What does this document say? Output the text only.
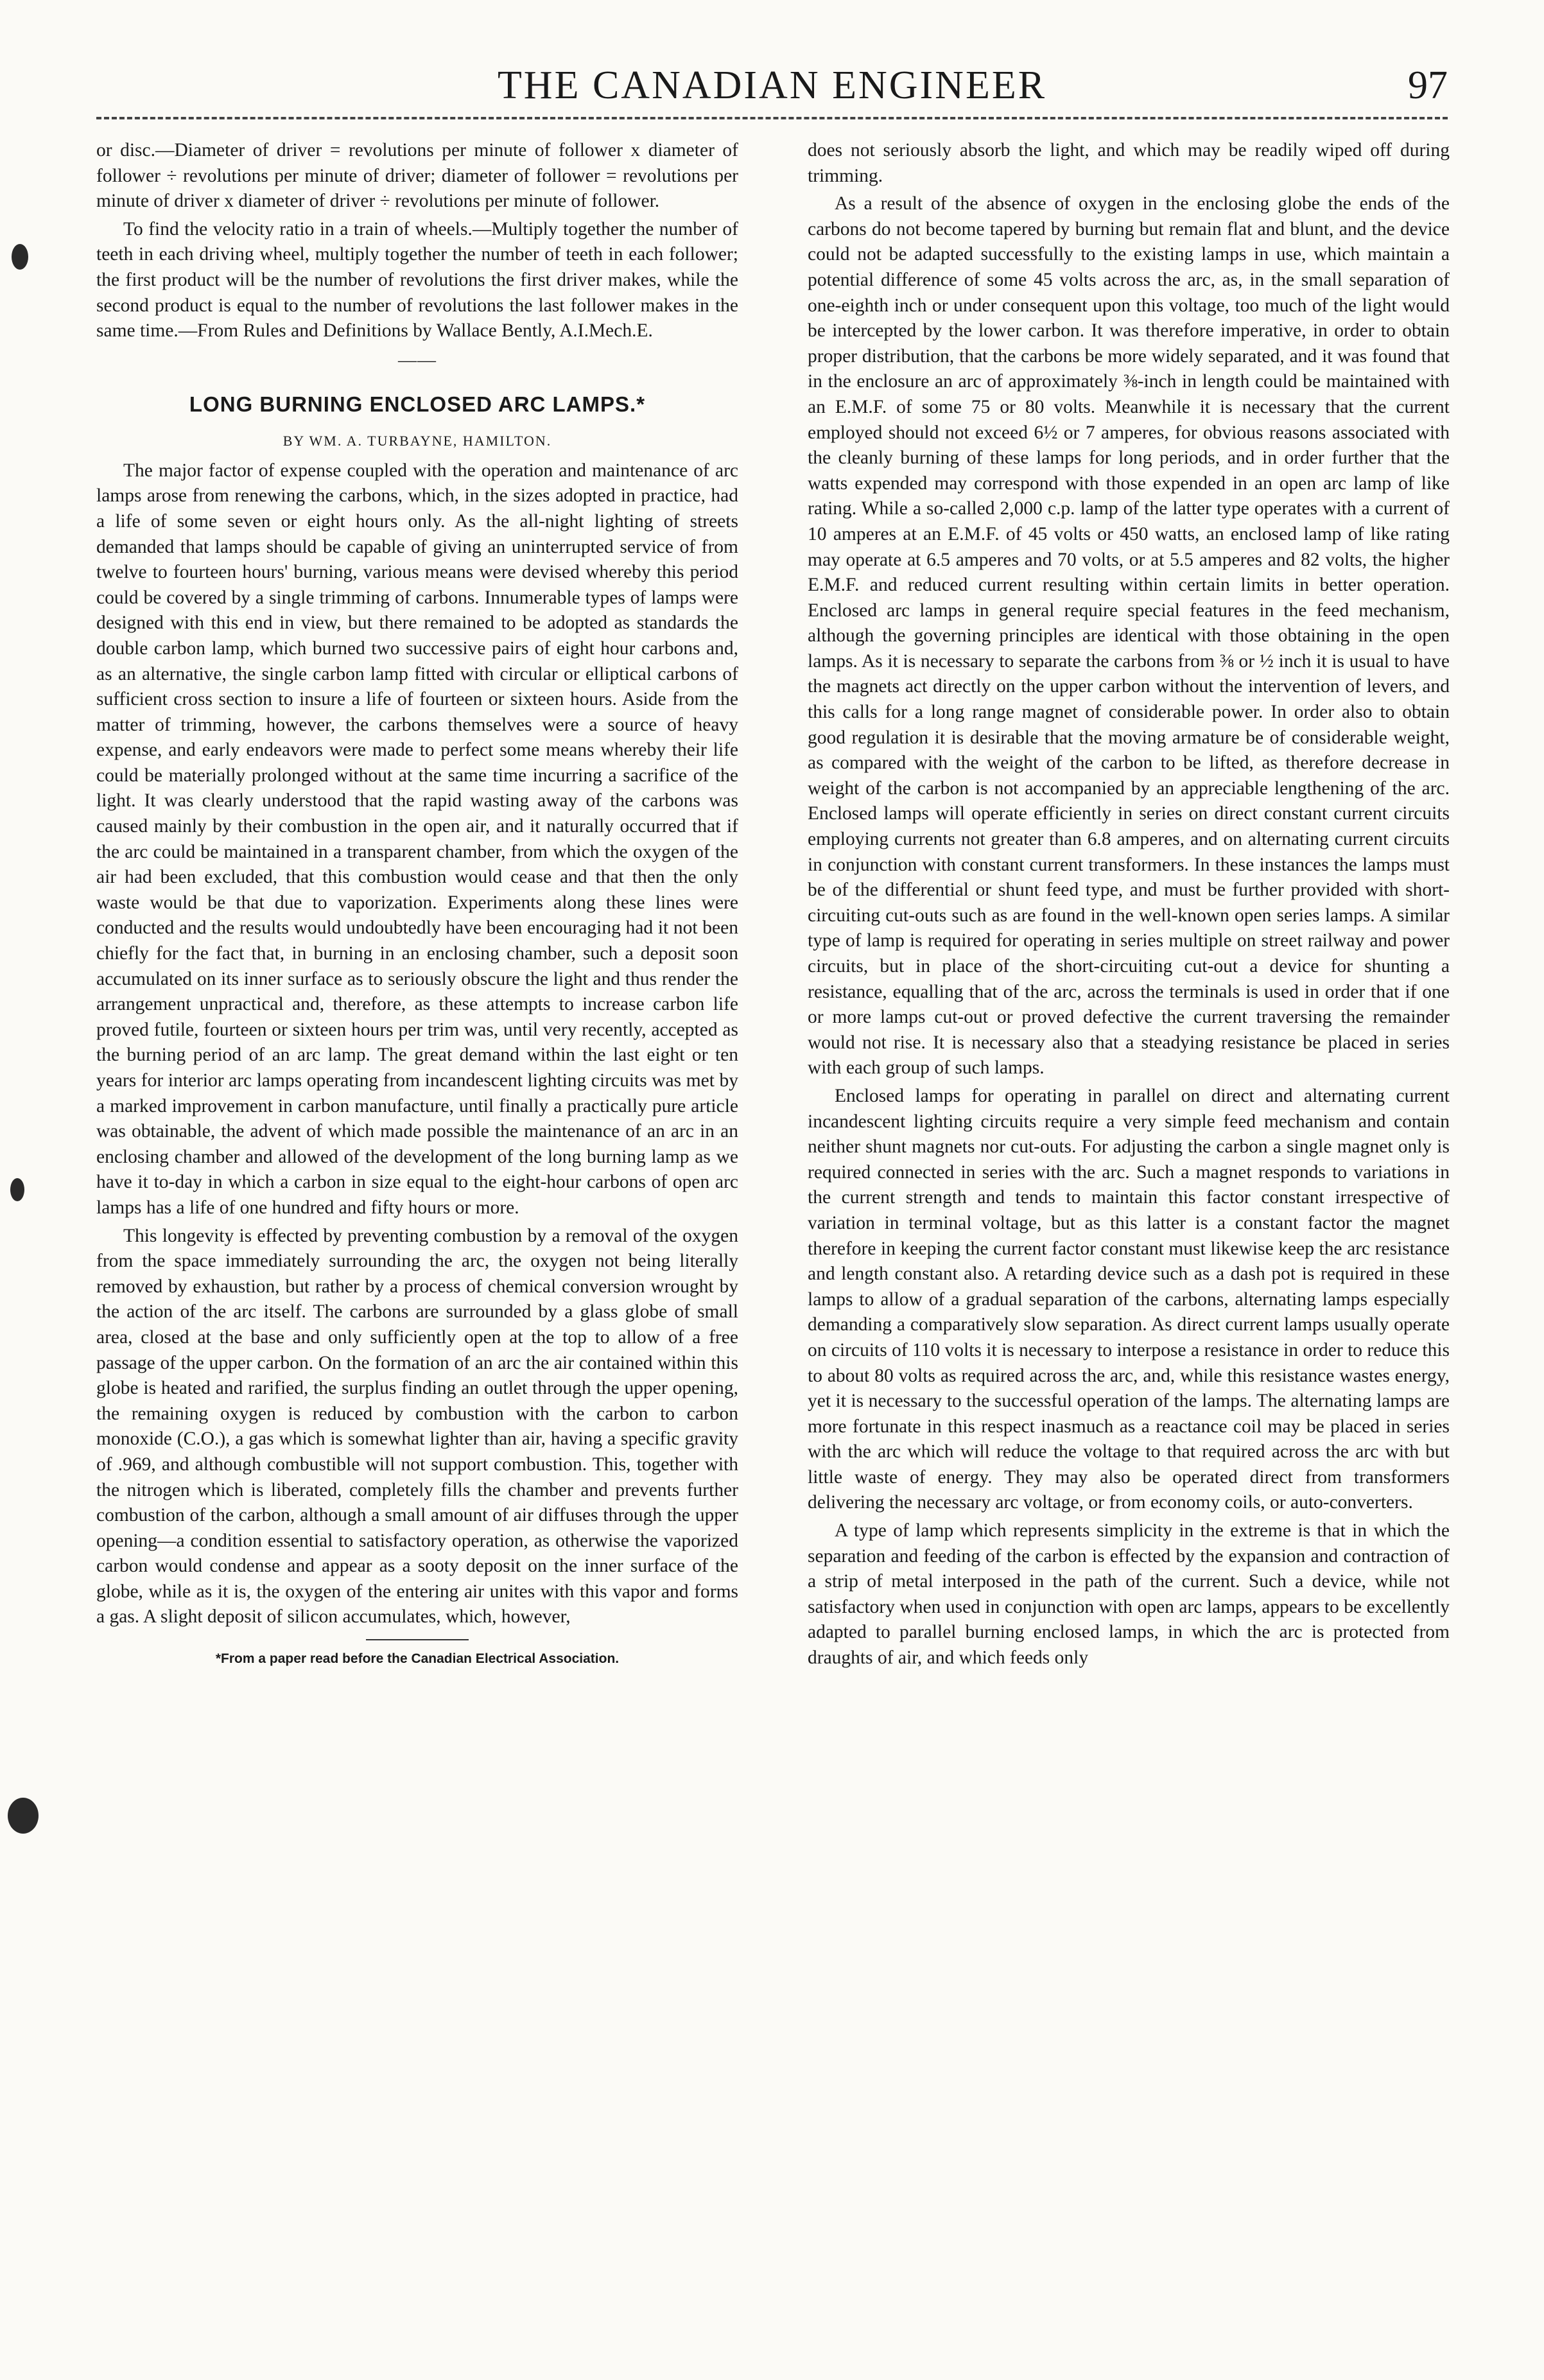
THE CANADIAN ENGINEER	97

or disc.—Diameter of driver = revolutions per minute of follower x diameter of follower ÷ revolutions per minute of driver; diameter of follower = revolutions per minute of driver x diameter of driver ÷ revolutions per minute of follower.

To find the velocity ratio in a train of wheels.—Multiply together the number of teeth in each driving wheel, multiply together the number of teeth in each follower; the first product will be the number of revolutions the first driver makes, while the second product is equal to the number of revolutions the last follower makes in the same time.—From Rules and Definitions by Wallace Bently, A.I.Mech.E.

——
LONG BURNING ENCLOSED ARC LAMPS.*
BY WM. A. TURBAYNE, HAMILTON.

The major factor of expense coupled with the operation and maintenance of arc lamps arose from renewing the carbons, which, in the sizes adopted in practice, had a life of some seven or eight hours only. As the all-night lighting of streets demanded that lamps should be capable of giving an uninterrupted service of from twelve to fourteen hours' burning, various means were devised whereby this period could be covered by a single trimming of carbons. Innumerable types of lamps were designed with this end in view, but there remained to be adopted as standards the double carbon lamp, which burned two successive pairs of eight hour carbons and, as an alternative, the single carbon lamp fitted with circular or elliptical carbons of sufficient cross section to insure a life of fourteen or sixteen hours. Aside from the matter of trimming, however, the carbons themselves were a source of heavy expense, and early endeavors were made to perfect some means whereby their life could be materially prolonged without at the same time incurring a sacrifice of the light. It was clearly understood that the rapid wasting away of the carbons was caused mainly by their combustion in the open air, and it naturally occurred that if the arc could be maintained in a transparent chamber, from which the oxygen of the air had been excluded, that this combustion would cease and that then the only waste would be that due to vaporization. Experiments along these lines were conducted and the results would undoubtedly have been encouraging had it not been chiefly for the fact that, in burning in an enclosing chamber, such a deposit soon accumulated on its inner surface as to seriously obscure the light and thus render the arrangement unpractical and, therefore, as these attempts to increase carbon life proved futile, fourteen or sixteen hours per trim was, until very recently, accepted as the burning period of an arc lamp. The great demand within the last eight or ten years for interior arc lamps operating from incandescent lighting circuits was met by a marked improvement in carbon manufacture, until finally a practically pure article was obtainable, the advent of which made possible the maintenance of an arc in an enclosing chamber and allowed of the development of the long burning lamp as we have it to-day in which a carbon in size equal to the eight-hour carbons of open arc lamps has a life of one hundred and fifty hours or more.

This longevity is effected by preventing combustion by a removal of the oxygen from the space immediately surrounding the arc, the oxygen not being literally removed by exhaustion, but rather by a process of chemical conversion wrought by the action of the arc itself. The carbons are surrounded by a glass globe of small area, closed at the base and only sufficiently open at the top to allow of a free passage of the upper carbon. On the formation of an arc the air contained within this globe is heated and rarified, the surplus finding an outlet through the upper opening, the remaining oxygen is reduced by combustion with the carbon to carbon monoxide (C.O.), a gas which is somewhat lighter than air, having a specific gravity of .969, and although combustible will not support combustion. This, together with the nitrogen which is liberated, completely fills the chamber and prevents further combustion of the carbon, although a small amount of air diffuses through the upper opening—a condition essential to satisfactory operation, as otherwise the vaporized carbon would condense and appear as a sooty deposit on the inner surface of the globe, while as it is, the oxygen of the entering air unites with this vapor and forms a gas. A slight deposit of silicon accumulates, which, however,

*From a paper read before the Canadian Electrical Association.

does not seriously absorb the light, and which may be readily wiped off during trimming.

As a result of the absence of oxygen in the enclosing globe the ends of the carbons do not become tapered by burning but remain flat and blunt, and the device could not be adapted successfully to the existing lamps in use, which maintain a potential difference of some 45 volts across the arc, as, in the small separation of one-eighth inch or under consequent upon this voltage, too much of the light would be intercepted by the lower carbon. It was therefore imperative, in order to obtain proper distribution, that the carbons be more widely separated, and it was found that in the enclosure an arc of approximately ⅜-inch in length could be maintained with an E.M.F. of some 75 or 80 volts. Meanwhile it is necessary that the current employed should not exceed 6½ or 7 amperes, for obvious reasons associated with the cleanly burning of these lamps for long periods, and in order further that the watts expended may correspond with those expended in an open arc lamp of like rating. While a so-called 2,000 c.p. lamp of the latter type operates with a current of 10 amperes at an E.M.F. of 45 volts or 450 watts, an enclosed lamp of like rating may operate at 6.5 amperes and 70 volts, or at 5.5 amperes and 82 volts, the higher E.M.F. and reduced current resulting within certain limits in better operation. Enclosed arc lamps in general require special features in the feed mechanism, although the governing principles are identical with those obtaining in the open lamps. As it is necessary to separate the carbons from ⅜ or ½ inch it is usual to have the magnets act directly on the upper carbon without the intervention of levers, and this calls for a long range magnet of considerable power. In order also to obtain good regulation it is desirable that the moving armature be of considerable weight, as compared with the weight of the carbon to be lifted, as therefore decrease in weight of the carbon is not accompanied by an appreciable lengthening of the arc. Enclosed lamps will operate efficiently in series on direct constant current circuits employing currents not greater than 6.8 amperes, and on alternating current circuits in conjunction with constant current transformers. In these instances the lamps must be of the differential or shunt feed type, and must be further provided with short-circuiting cut-outs such as are found in the well-known open series lamps. A similar type of lamp is required for operating in series multiple on street railway and power circuits, but in place of the short-circuiting cut-out a device for shunting a resistance, equalling that of the arc, across the terminals is used in order that if one or more lamps cut-out or proved defective the current traversing the remainder would not rise. It is necessary also that a steadying resistance be placed in series with each group of such lamps.

Enclosed lamps for operating in parallel on direct and alternating current incandescent lighting circuits require a very simple feed mechanism and contain neither shunt magnets nor cut-outs. For adjusting the carbon a single magnet only is required connected in series with the arc. Such a magnet responds to variations in the current strength and tends to maintain this factor constant irrespective of variation in terminal voltage, but as this latter is a constant factor the magnet therefore in keeping the current factor constant must likewise keep the arc resistance and length constant also. A retarding device such as a dash pot is required in these lamps to allow of a gradual separation of the carbons, alternating lamps especially demanding a comparatively slow separation. As direct current lamps usually operate on circuits of 110 volts it is necessary to interpose a resistance in order to reduce this to about 80 volts as required across the arc, and, while this resistance wastes energy, yet it is necessary to the successful operation of the lamps. The alternating lamps are more fortunate in this respect inasmuch as a reactance coil may be placed in series with the arc which will reduce the voltage to that required across the arc with but little waste of energy. They may also be operated direct from transformers delivering the necessary arc voltage, or from economy coils, or auto-converters.

A type of lamp which represents simplicity in the extreme is that in which the separation and feeding of the carbon is effected by the expansion and contraction of a strip of metal interposed in the path of the current. Such a device, while not satisfactory when used in conjunction with open arc lamps, appears to be excellently adapted to parallel burning enclosed lamps, in which the arc is protected from draughts of air, and which feeds only
